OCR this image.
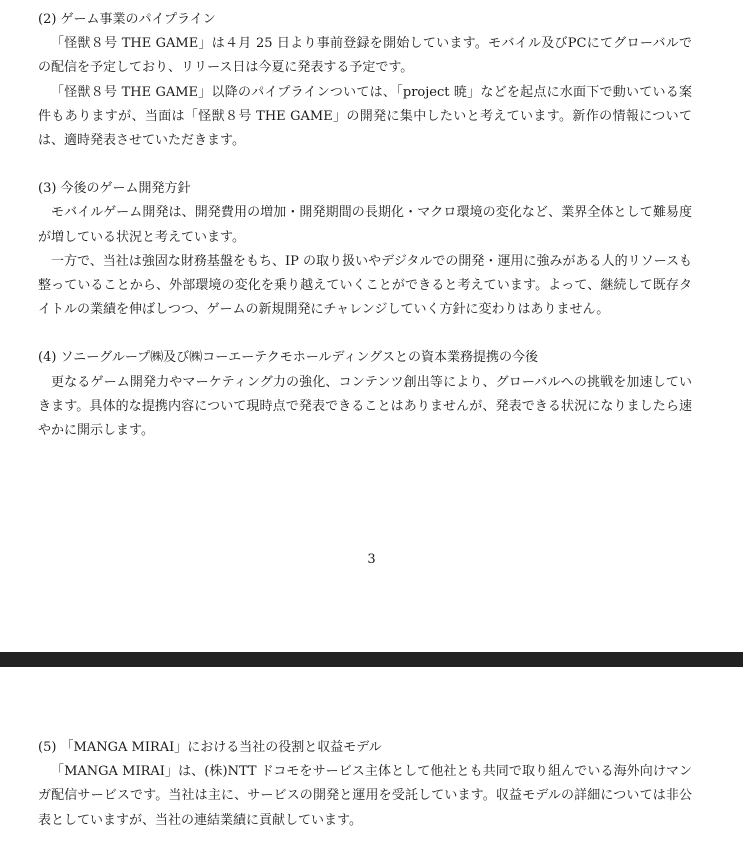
(2) ゲーム事業のパイプライン

「怪獣８号 THE GAME」は４月 25 日より事前登録を開始しています。モバイル及びPCにてグローバルでの配信を予定しており、リリース日は今夏に発表する予定です。

「怪獣８号 THE GAME」以降のパイプラインついては、「project 暁」などを起点に水面下で動いている案件もありますが、当面は「怪獣８号 THE GAME」の開発に集中したいと考えています。新作の情報については、適時発表させていただきます。

(3) 今後のゲーム開発方針

モバイルゲーム開発は、開発費用の増加・開発期間の長期化・マクロ環境の変化など、業界全体として難易度が増している状況と考えています。

一方で、当社は強固な財務基盤をもち、IP の取り扱いやデジタルでの開発・運用に強みがある人的リソースも整っていることから、外部環境の変化を乗り越えていくことができると考えています。よって、継続して既存タイトルの業績を伸ばしつつ、ゲームの新規開発にチャレンジしていく方針に変わりはありません。

(4) ソニーグループ㈱及び㈱コーエーテクモホールディングスとの資本業務提携の今後

更なるゲーム開発力やマーケティング力の強化、コンテンツ創出等により、グローバルへの挑戦を加速していきます。具体的な提携内容について現時点で発表できることはありませんが、発表できる状況になりましたら速やかに開示します。

3
(5) 「MANGA MIRAI」における当社の役割と収益モデル

「MANGA MIRAI」は、(株)NTT ドコモをサービス主体として他社とも共同で取り組んでいる海外向けマンガ配信サービスです。当社は主に、サービスの開発と運用を受託しています。収益モデルの詳細については非公表としていますが、当社の連結業績に貢献しています。
